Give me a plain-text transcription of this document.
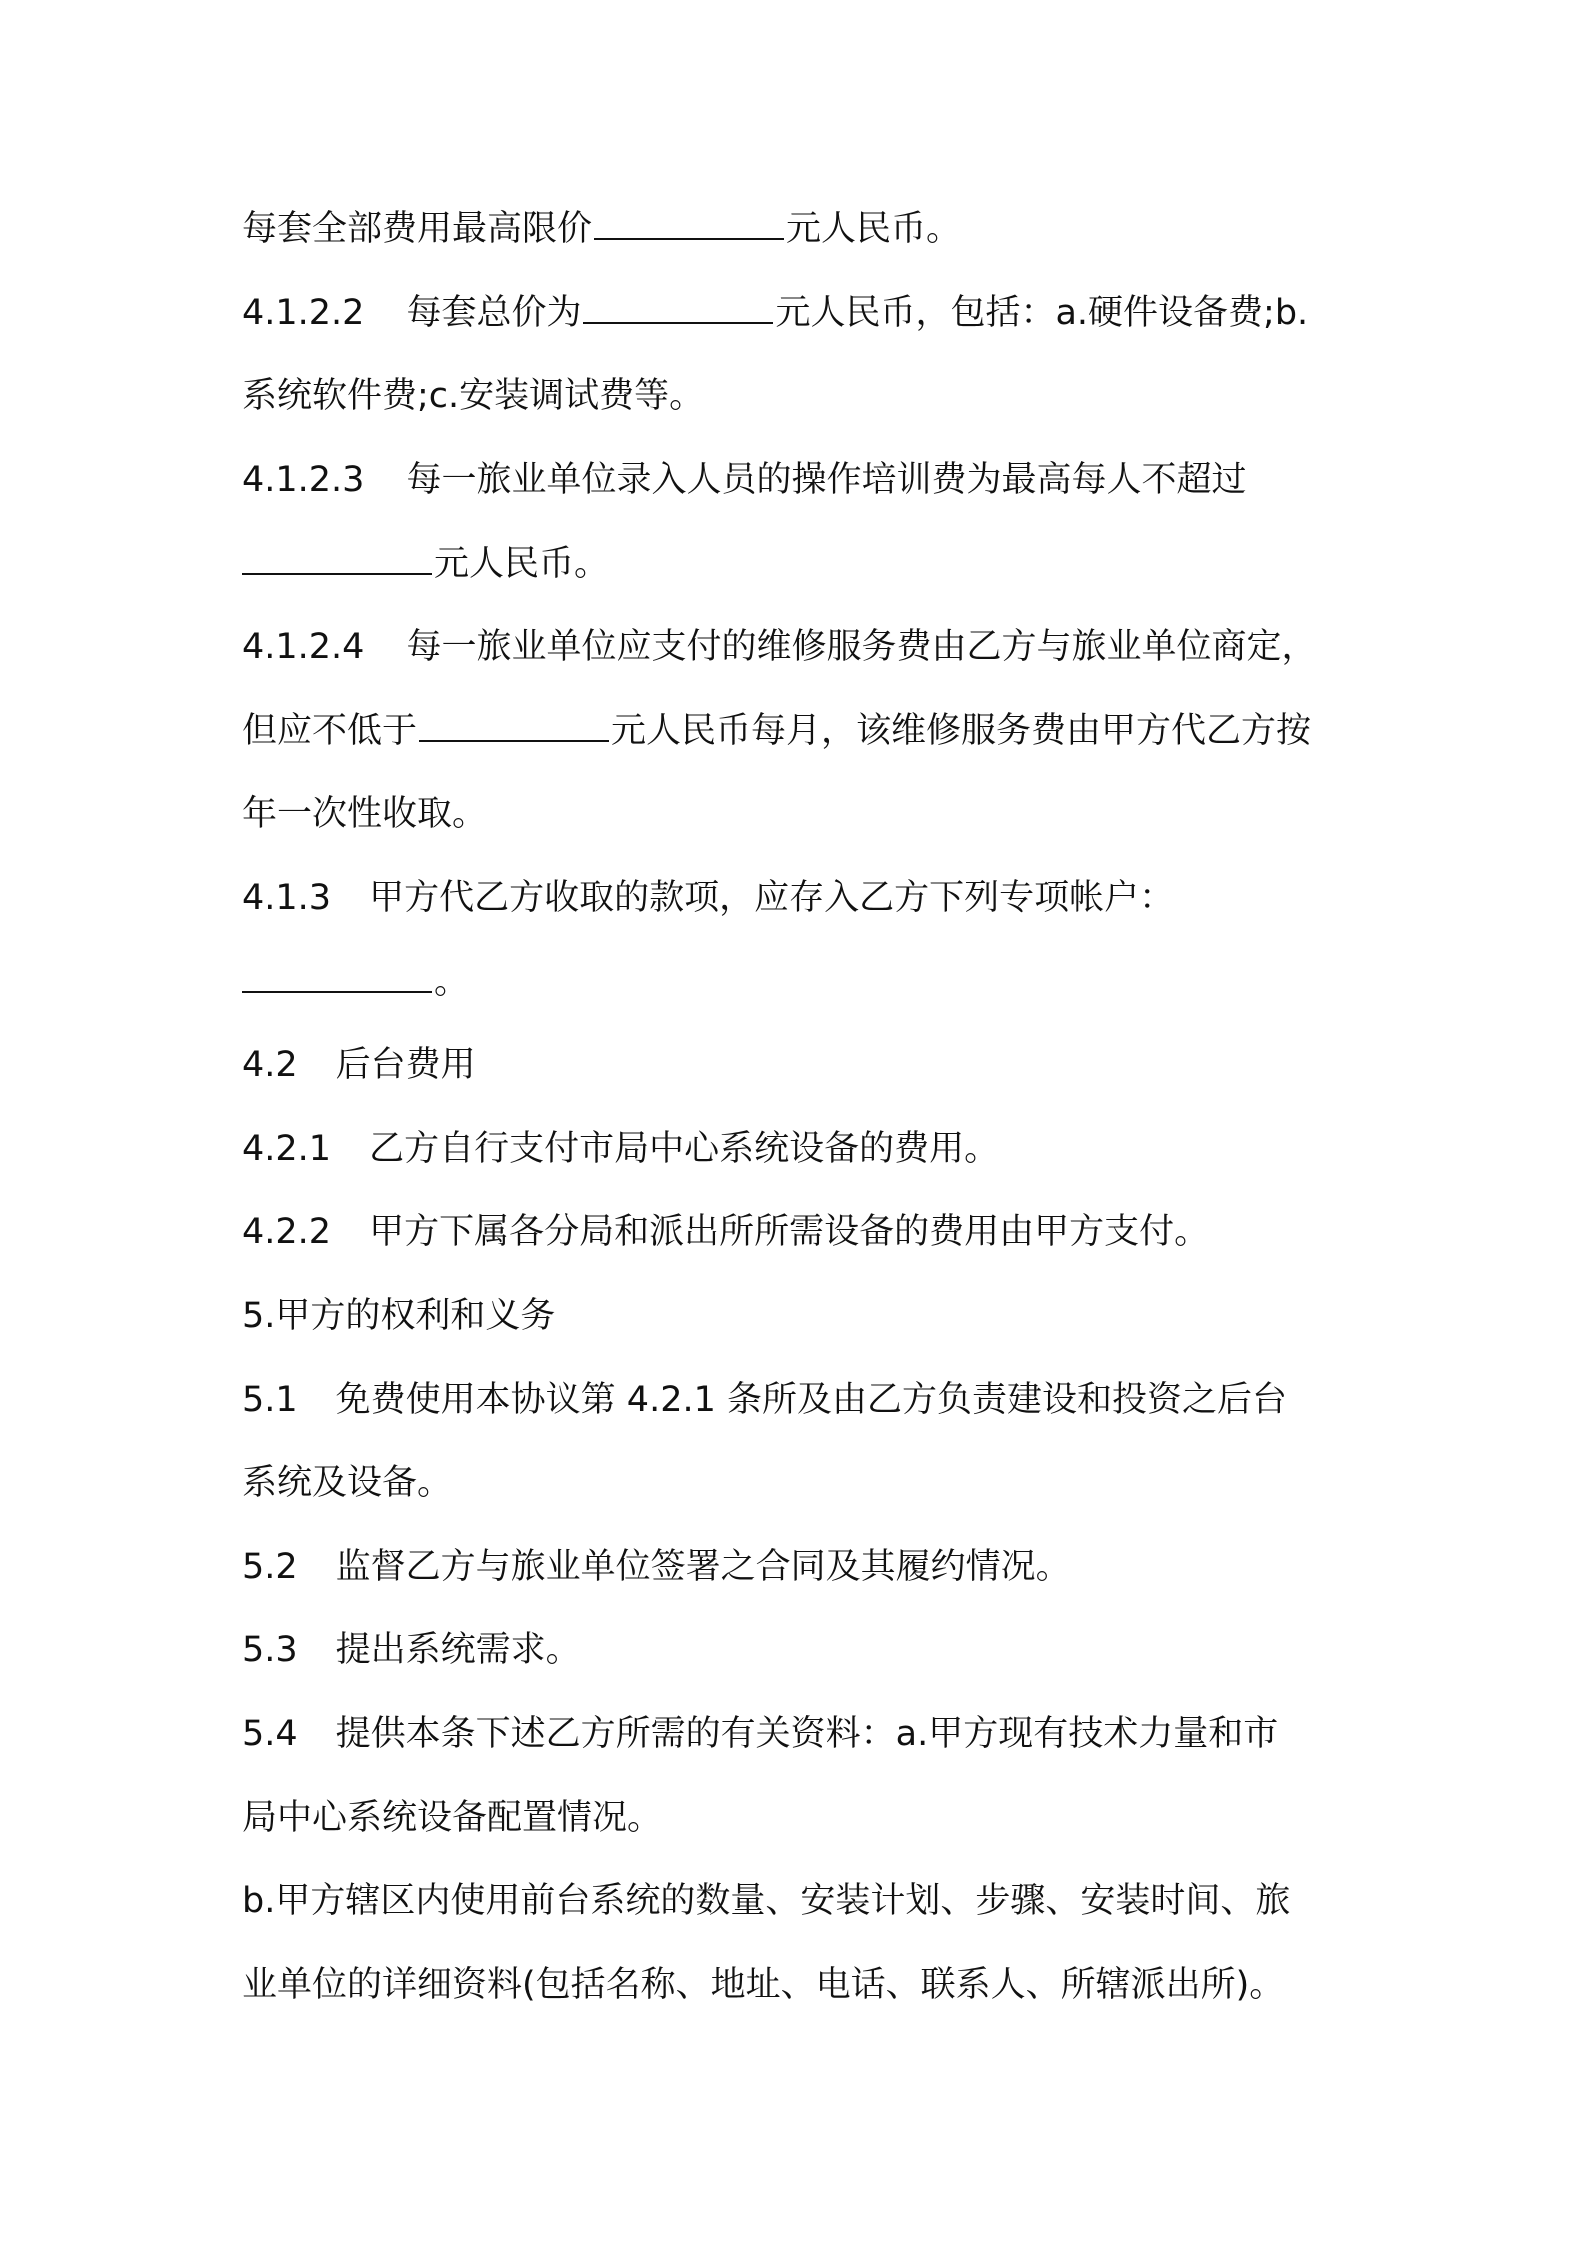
每套全部费用最高限价	元人民币。
4.1.2.2 每套总价为	元人民币，包括：a.硬件设备费;b.
系统软件费;c.安装调试费等。
4.1.2.3 每一旅业单位录入人员的操作培训费为最高每人不超过
元人民币。
4.1.2.4 每一旅业单位应支付的维修服务费由乙方与旅业单位商定，
但应不低于	元人民币每月，该维修服务费由甲方代乙方按
年一次性收取。
4.1.3 甲方代乙方收取的款项，应存入乙方下列专项帐户：
。
4.2 后台费用
4.2.1 乙方自行支付市局中心系统设备的费用。
4.2.2 甲方下属各分局和派出所所需设备的费用由甲方支付。
5.甲方的权利和义务
5.1 免费使用本协议第 4.2.1 条所及由乙方负责建设和投资之后台
系统及设备。
5.2 监督乙方与旅业单位签署之合同及其履约情况。
5.3 提出系统需求。
5.4 提供本条下述乙方所需的有关资料：a.甲方现有技术力量和市
局中心系统设备配置情况。
b.甲方辖区内使用前台系统的数量、安装计划、步骤、安装时间、旅
业单位的详细资料(包括名称、地址、电话、联系人、所辖派出所)。
